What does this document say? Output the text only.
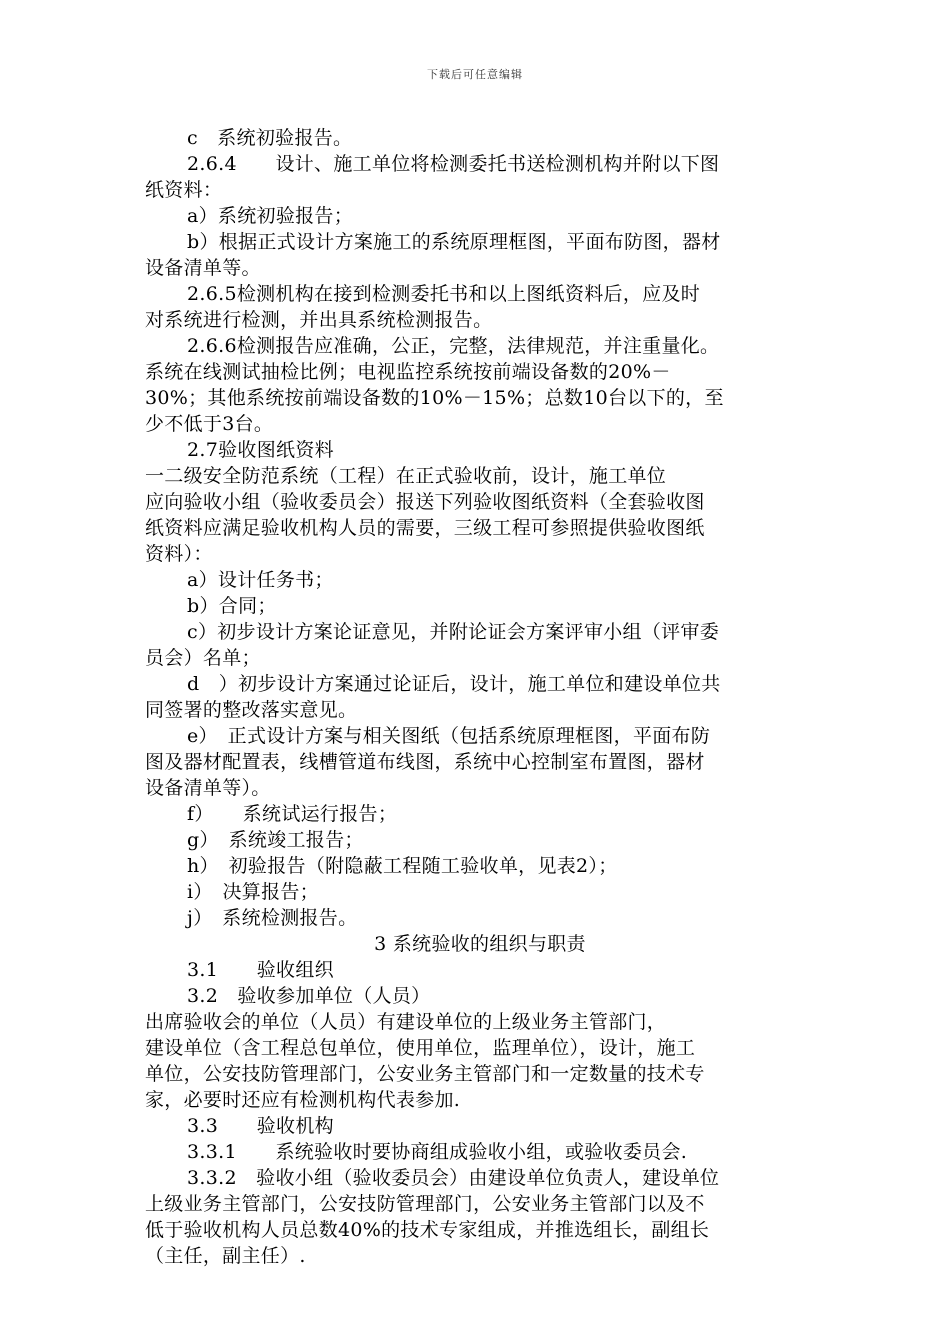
下载后可任意编辑

c　系统初验报告。

2.6.4　　设计、施工单位将检测委托书送检测机构并附以下图

纸资料：

a）系统初验报告；

b）根据正式设计方案施工的系统原理框图，平面布防图，器材

设备清单等。

2.6.5检测机构在接到检测委托书和以上图纸资料后，应及时

对系统进行检测，并出具系统检测报告。

2.6.6检测报告应准确，公正，完整，法律规范，并注重量化。

系统在线测试抽检比例；电视监控系统按前端设备数的20%－

30%；其他系统按前端设备数的10%－15%；总数10台以下的，至

少不低于3台。

2.7验收图纸资料

一二级安全防范系统（工程）在正式验收前，设计，施工单位

应向验收小组（验收委员会）报送下列验收图纸资料（全套验收图

纸资料应满足验收机构人员的需要，三级工程可参照提供验收图纸

资料）：

a）设计任务书；

b）合同；

c）初步设计方案论证意见，并附论证会方案评审小组（评审委

员会）名单；

d　）初步设计方案通过论证后，设计，施工单位和建设单位共

同签署的整改落实意见。

e）　正式设计方案与相关图纸（包括系统原理框图，平面布防

图及器材配置表，线槽管道布线图，系统中心控制室布置图，器材

设备清单等）。

f）　　系统试运行报告；

g）　系统竣工报告；

h）　初验报告（附隐蔽工程随工验收单，见表2）；

i）　决算报告；

j）　系统检测报告。

3 系统验收的组织与职责

3.1　　验收组织

3.2　验收参加单位（人员）

出席验收会的单位（人员）有建设单位的上级业务主管部门，

建设单位（含工程总包单位，使用单位，监理单位），设计，施工

单位，公安技防管理部门，公安业务主管部门和一定数量的技术专

家，必要时还应有检测机构代表参加.

3.3　　验收机构

3.3.1　　系统验收时要协商组成验收小组，或验收委员会.

3.3.2　验收小组（验收委员会）由建设单位负责人，建设单位

上级业务主管部门，公安技防管理部门，公安业务主管部门以及不

低于验收机构人员总数40%的技术专家组成，并推选组长，副组长

（主任，副主任）.
